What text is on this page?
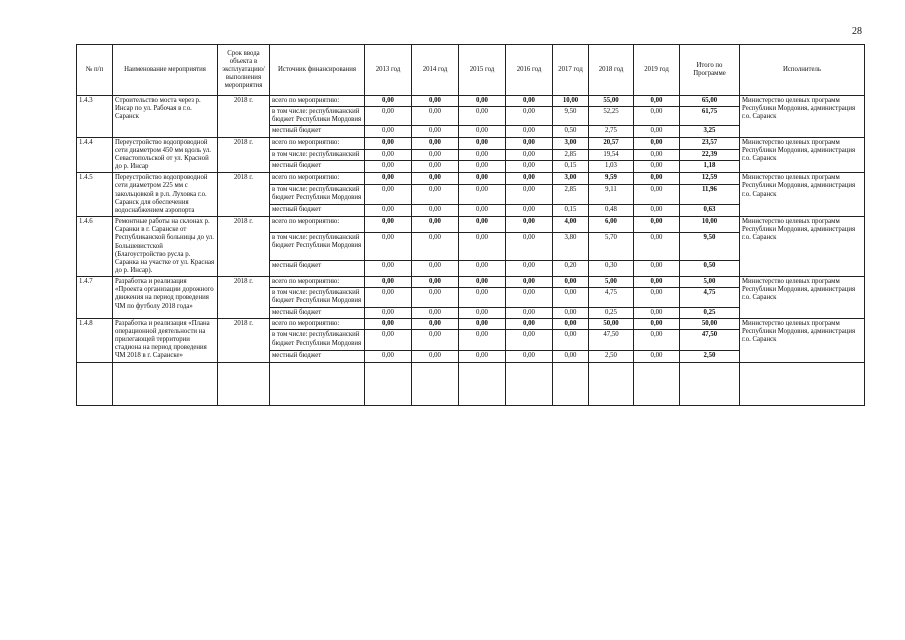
28
№ п/п	Наименование мероприятия	Срок ввода объекта в эксплуатацию/ выполнения мероприятия	Источник финансирования	2013 год	2014 год	2015 год	2016 год	2017 год	2018 год	2019 год	Итого по Программе	Исполнитель
1.4.3	Строительство моста через р. Инсар по ул. Рабочая в г.о. Саранск	2018 г.	всего по мероприятию:	0,00	0,00	0,00	0,00	10,00	55,00	0,00	65,00	Министерство целевых программ Республики Мордовия, администрация г.о. Саранск
			в том числе: республиканский бюджет Республики Мордовия	0,00	0,00	0,00	0,00	9,50	52,25	0,00	61,75	
			местный бюджет	0,00	0,00	0,00	0,00	0,50	2,75	0,00	3,25	
1.4.4	Переустройство водопроводной сети диаметром 450 мм вдоль ул. Севастопольской от ул. Красной до р. Инсар	2018 г.	всего по мероприятию:	0,00	0,00	0,00	0,00	3,00	20,57	0,00	23,57	Министерство целевых программ Республики Мордовия, администрация г.о. Саранск
			в том числе: республиканский	0,00	0,00	0,00	0,00	2,85	19,54	0,00	22,39	
			местный бюджет	0,00	0,00	0,00	0,00	0,15	1,03	0,00	1,18	
1.4.5	Переустройство водопроводной сети диаметром 225 мм с закольцовкой в р.п. Луховка г.о. Саранск для обеспечения водоснабжением аэропорта	2018 г.	всего по мероприятию:	0,00	0,00	0,00	0,00	3,00	9,59	0,00	12,59	Министерство целевых программ Республики Мордовия, администрация г.о. Саранск
			в том числе: республиканский бюджет Республики Мордовия	0,00	0,00	0,00	0,00	2,85	9,11	0,00	11,96	
			местный бюджет	0,00	0,00	0,00	0,00	0,15	0,48	0,00	0,63	
1.4.6	Ремонтные работы на склонах р. Саранки в г. Саранске от Республиканской больницы до ул. Большевистской (Благоустройство русла р. Саранка на участке от ул. Красная до р. Инсар).	2018 г.	всего по мероприятию:	0,00	0,00	0,00	0,00	4,00	6,00	0,00	10,00	Министерство целевых программ Республики Мордовия, администрация г.о. Саранск
			в том числе: республиканский бюджет Республики Мордовия	0,00	0,00	0,00	0,00	3,80	5,70	0,00	9,50	
			местный бюджет	0,00	0,00	0,00	0,00	0,20	0,30	0,00	0,50	
1.4.7	Разработка и реализация «Проекта организации дорожного движения на период проведения ЧМ по футболу 2018 года»	2018 г.	всего по мероприятию:	0,00	0,00	0,00	0,00	0,00	5,00	0,00	5,00	Министерство целевых программ Республики Мордовия, администрация г.о. Саранск
			в том числе: республиканский бюджет Республики Мордовия	0,00	0,00	0,00	0,00	0,00	4,75	0,00	4,75	
			местный бюджет	0,00	0,00	0,00	0,00	0,00	0,25	0,00	0,25	
1.4.8	Разработка и реализация «Плана операционной деятельности на прилегающей территории стадиона на период проведения ЧМ 2018 в г. Саранске»	2018 г.	всего по мероприятию:	0,00	0,00	0,00	0,00	0,00	50,00	0,00	50,00	Министерство целевых программ Республики Мордовия, администрация г.о. Саранск
			в том числе: республиканский бюджет Республики Мордовия	0,00	0,00	0,00	0,00	0,00	47,50	0,00	47,50	
			местный бюджет	0,00	0,00	0,00	0,00	0,00	2,50	0,00	2,50	
